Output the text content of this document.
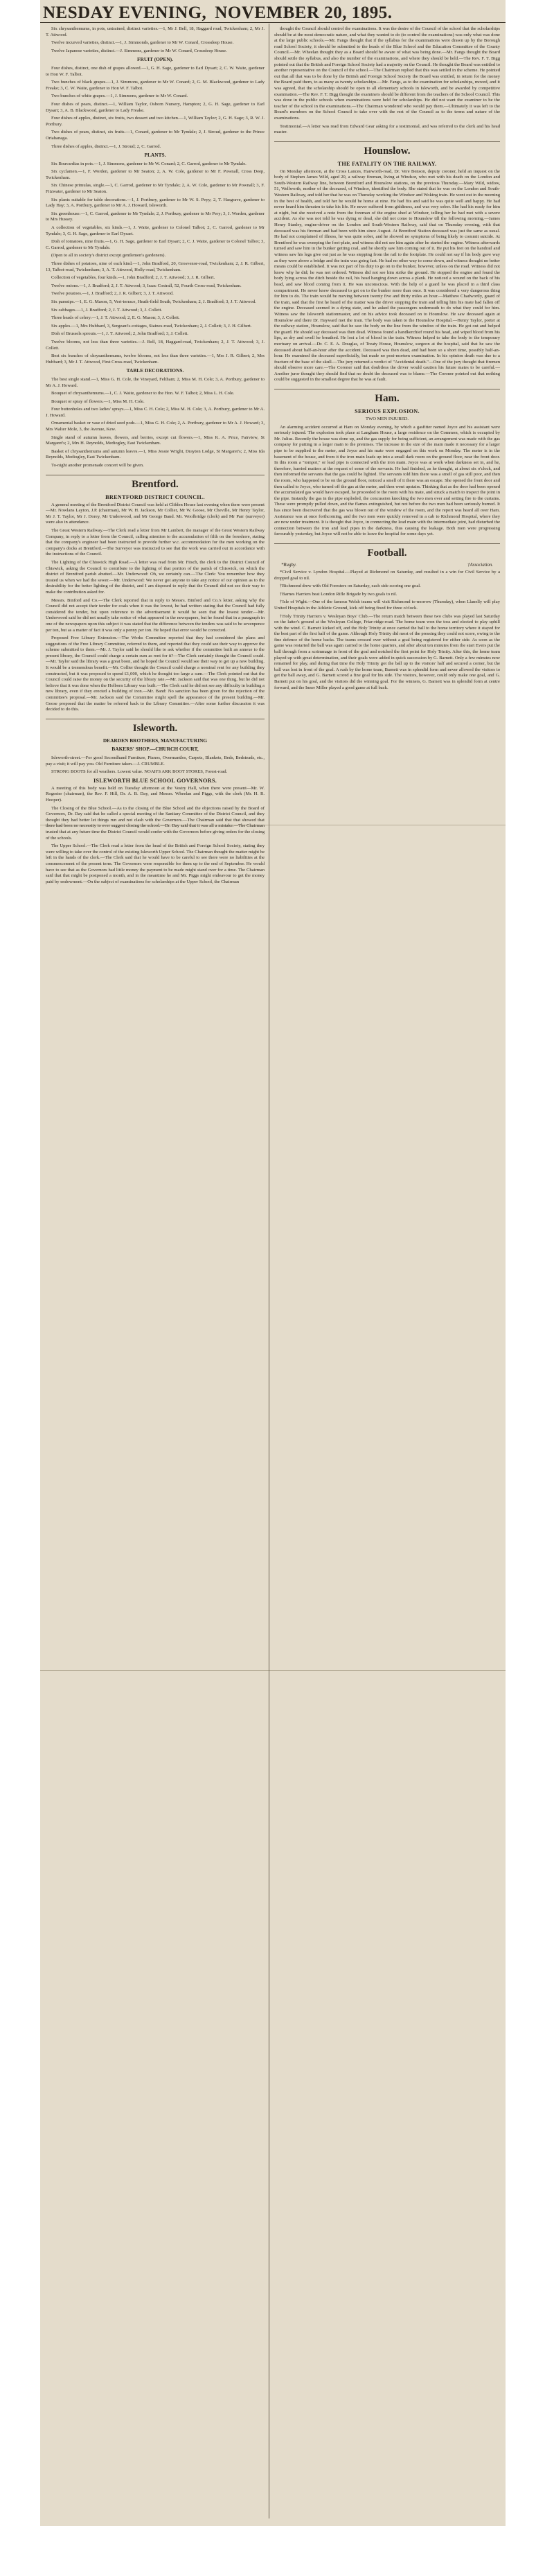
NESDAY EVENING, NOVEMBER 20, 1895.

Six chrysanthemums, in pots, untrained, distinct varieties.—1, Mr J. Bell, 18, Haggard road, Twickenham; 2, Mr J. T. Attwood.

Twelve incurved varieties, distinct.—1, J. Simmonds, gardener to Mr W. Conard, Crossdeep House.

Twelve Japanese varieties, distinct.—J. Simmons, gardener to Mr W. Conard, Crossdeep House.

FRUIT (OPEN).

Four dishes, distinct, one dish of grapes allowed.—1, G. H. Sage, gardener to Earl Dysart; 2, C. W. Waite, gardener to Hon W. F. Talbot.

Two bunches of black grapes.—1, J. Simmons, gardener to Mr W. Conard; 2, G. M. Blackwood, gardener to Lady Freake; 3, C. W. Waite, gardener to Hon W. F. Talbot.

Two bunches of white grapes.—1, J. Simmons, gardener to Mr W. Conard.

Four dishes of pears, distinct.—1, William Taylor, Osborn Nursery, Hampton; 2, G. H. Sage, gardener to Earl Dysart; 3, A. B. Blackwood, gardener to Lady Freake.

Four dishes of apples, distinct, six fruits, two dessert and two kitchen.—1, William Taylor; 2, G. H. Sage; 3, R. W. J. Porthury.

Two dishes of pears, distinct, six fruits.—1, Conard, gardener to Mr Tyndale; 2, J. Stroud, gardener to the Prince Oriahanaga.

Three dishes of apples, distinct.—1, J. Stroud; 2, C. Garrod.

PLANTS.

Six Bouvardias in pots.—1, J. Simmons, gardener to Mr W. Conard; 2, C. Garrod, gardener to Mr Tyndale.

Six cyclamen.—1, F. Worden, gardener to Mr Seaton; 2, A. W. Cole, gardener to Mr F. Pownall, Cross Deep, Twickenham.

Six Chinese primulas, single.—1, C. Garrod, gardener to Mr Tyndale; 2, A. W. Cole, gardener to Mr Pownall; 3, F. Fitzwater, gardener to Mr Seaton.

Six plants suitable for table decorations.—1, J. Portbury, gardener to Mr W. S. Peyy; 2, T. Hasgrave, gardener to Lady Hay; 3, A. Portbury, gardener to Mr A. J. Howard, Isleworth.

Six greenhouse.—1, C. Garrod, gardener to Mr Tyndale; 2, J. Portbury, gardener to Mr Pery; 3, J. Worden, gardener to Mrs Hussey.

A collection of vegetables, six kinds.—1, J. Waite, gardener to Colonel Talbot; 2, C. Garrod, gardener to Mr Tyndale; 3, G. H. Sage, gardener to Earl Dysart.

Dish of tomatoes, nine fruits.—1, G. H. Sage, gardener to Earl Dysart; 2, C. J. Waite, gardener to Colonel Talbot; 3, C. Garrod, gardener to Mr Tyndale.

(Open to all in society's district except gentlemen's gardeners).

Three dishes of potatoes, nine of each kind.—1, John Bradford, 20, Grosvenor-road, Twickenham; 2, J. R. Gilbert, 13, Talbot-road, Twickenham; 3, A. T. Attwood, Holly-road, Twickenham.

Collection of vegetables, four kinds.—1, John Bradford; 2, J. T. Attwood; 3, J. R. Gilbert.

Twelve onions.—1, J. Bradford; 2, J. T. Attwood; 3, Isaac Costrall, 52, Fourth Cross-road, Twickenham.

Twelve potatoes.—1, J. Bradford; 2, J. R. Gilbert; 3, J. T. Attwood.

Six parsnips.—1, E. G. Mason, 5, Vert-terrace, Heath-field South, Twickenham; 2, J. Bradford; 3, J. T. Attwood.

Six cabbages.—1, J. Bradford; 2, J. T. Attwood; 3, J. Collett.

Three heads of celery.—1, J. T. Attwood; 2, E. G. Mason; 3, J. Collett.

Six apples.—1, Mrs Hubbard, 3, Sergeant's-cottages, Staines-road, Twickenham; 2, J. Collett; 3, J. H. Gilbert.

Dish of Brussels sprouts.—1, J. T. Attwood; 2, John Bradford; 3, J. Collett.

Twelve blooms, not less than three varieties.—J. Bell, 18, Haggard-road, Twickenham; 2, J. T. Attwood; 3, J. Collett.

Best six bunches of chrysanthemums, twelve blooms, not less than three varieties.—1, Mrs J. R. Gilbert; 2, Mrs Hubbard; 3, Mr J. T. Attwood, First Cross-road, Twickenham.

TABLE DECORATIONS.

The best single stand.—1, Miss G. H. Cole, the Vineyard, Feltham; 2, Miss M. H. Cole; 3, A. Portbury, gardener to Mr A. J. Howard.

Bouquet of chrysanthemums.—1, C. J. Waite, gardener to the Hon. W. F. Talbot; 2, Miss L. H. Cole.

Bouquet or spray of flowers.—1, Miss M. H. Cole.

Four buttonholes and two ladies' sprays.—1, Miss C. H. Cole; 2, Miss M. H. Cole; 3, A. Portbury, gardener to Mr A. J. Howard.

Ornamental basket or vase of dried seed pods.—1, Miss G. H. Cole; 2, A. Portbury, gardener to Mr A. J. Howard; 3, Mrs Walter Mole, 3, the Avenue, Kew.

Single stand of autumn leaves, flowers, and berries, except cut flowers.—1, Miss K. A. Price, Fairview, St Margaret's; 2, Mrs H. Reynolds, Mediogley, East Twickenham.

Basket of chrysanthemums and autumn leaves.—1, Miss Jessie Wright, Drayton Lodge, St Margaret's; 2, Miss Ida Reynolds, Mediogley, East Twickenham.

To-night another promenade concert will be given.

Brentford.
BRENTFORD DISTRICT COUNCIL.

A general meeting of the Brentford District Council was held at Clifden House last evening when there were present—Mr. Nowlans Layton, J.P. (chairman), Mr W. H. Jackson, Mr Collier, Mr W. Goose, Mr Cheville, Mr Henry Taylor, Mr J. T. Taylor, Mr J. Dorey, Mr Underwood, and Mr George Band. Mr. Woolbridge (clerk) and Mr Parr (surveyor) were also in attendance.

The Great Western Railway.—The Clerk read a letter from Mr Lambert, the manager of the Great Western Railway Company, in reply to a letter from the Council, calling attention to the accumulation of filth on the foreshore, stating that the company's engineer had been instructed to provide further w.c. accommodation for the men working on the company's docks at Brentford.—The Surveyor was instructed to see that the work was carried out in accordance with the instructions of the Council.

The Lighting of the Chiswick High Road.—A letter was read from Mr. Fitsch, the clerk to the District Council of Chiswick, asking the Council to contribute to the lighting of that portion of the parish of Chiswick, on which the district of Brentford parish abutted.—Mr. Underwood: Oh, we certainly can.—The Clerk: You remember how they treated us when we had the sewer.—Mr. Underwood: We never got anyone to take any notice of our opinion as to the desirability for the better lighting of the district, and I am disposed to reply that the Council did not see their way to make the contribution asked for.

Messrs. Binford and Co.—The Clerk reported that in reply to Messrs. Binford and Co.'s letter, asking why the Council did not accept their tender for coals when it was the lowest, he had written stating that the Council had fully considered the tender, but upon reference to the advertisement it would be seen that the lowest tender.—Mr. Underwood said he did not usually take notice of what appeared in the newspapers, but he found that in a paragraph in one of the newspapers upon this subject it was stated that the difference between the tenders was said to be sevenpence per ton, but as a matter of fact it was only a penny per ton. He hoped that error would be corrected.

Proposed Free Library Extension.—The Works Committee reported that they had considered the plans and suggestions of the Free Library Committee, referred to them, and reported that they could see their way to approve the scheme submitted to them.—Mr. J. Taylor said he should like to ask whether if the committee built an annexe to the present library, the Council could charge a certain sum as rent for it?—The Clerk certainly thought the Council could.—Mr. Taylor said the library was a great boon, and he hoped the Council would see their way to get up a new building. It would be a tremendous benefit.—Mr. Collier thought the Council could charge a nominal rent for any building they constructed, but it was proposed to spend £1,000, which he thought too large a sum.—The Clerk pointed out that the Council could raise the money on the security of the library rate.—Mr. Jackson said that was one thing, but he did not believe that it was done when the Holborn Library was built.—The Clerk said he did not see any difficulty in building a new library, even if they erected a building of iron.—Mr. Band: No sanction has been given for the rejection of the committee's proposal.—Mr. Jackson said the Committee might spell the appearance of the present building.—Mr. Goose proposed that the matter be referred back to the Library Committee.—After some further discussion it was decided to do this.

Isleworth.

DEARDEN BROTHERS, MANUFACTURING

BAKERS' SHOP.—CHURCH COURT,

Isleworth-street.—For good Secondhand Furniture, Pianos, Overmantles, Carpets, Blankets, Beds, Bedsteads, etc., pay a visit; it will pay you. Old Furniture taken.—J. CRUMBLE.

STRONG BOOTS for all weathers. Lowest value. NOAH'S ARK BOOT STORES, Forest-road.

ISLEWORTH BLUE SCHOOL GOVERNORS.

A meeting of this body was held on Tuesday afternoon at the Vestry Hall, when there were present—Mr. W. Rogester (chairman), the Rev. F. Hill, Dr. A. B. Day, and Messrs. Wheelan and Piggs, with the clerk (Mr. H. R. Hooper).

The Closing of the Blue School.—As to the closing of the Blue School and the objections raised by the Board of Governors, Dr. Day said that he called a special meeting of the Sanitary Committee of the District Council, and they thought they had better let things run and not clash with the Governors.—The Chairman said that that showed that there had been no necessity to ever suggest closing the school.—Dr. Day said that it was all a mistake.—The Chairman trusted that at any future time the District Council would confer with the Governors before giving orders for the closing of the schools.

The Upper School.—The Clerk read a letter from the head of the British and Foreign School Society, stating they were willing to take over the control of the existing Isleworth Upper School. The Chairman thought the matter might be left in the hands of the clerk.—The Clerk said that he would have to be careful to see there were no liabilities at the commencement of the present term. The Governors were responsible for them up to the end of September. He would have to see that as the Governors had little money the payment to be made might stand over for a time. The Chairman said that that might be postponed a month, and in the meantime he and Mr. Piggs might endeavour to get the money paid by endowment.—On the subject of examinations for scholarships at the Upper School, the Chairman

thought the Council should control the examinations. It was the desire of the Council of the school that the scholarships should be at the most democratic nature, and what they wanted to do (to control the examinations) was only what was done at the large public schools.—Mr. Fangs thought that if the syllabus for the examinations were drawn up by the Borough road School Society, it should be submitted to the heads of the Blue School and the Education Committee of the County Council.—Mr. Wheelan thought they as a Board should be aware of what was being done.—Mr. Fangs thought the Board should settle the syllabus, and also the number of the examinations, and where they should be held.—The Rev. F. T. Bigg pointed out that the British and Foreign School Society had a majority on the Council. He thought the Board was entitled to another representative on the Council of the school.—The Chairman replied that this was settled in the scheme. He pointed out that all that was to be done by the British and Foreign School Society the Board was entitled, in return for the money the Board paid them, to as many as twenty scholarships.—Mr. Fangs, as to the examination for scholarships, moved, and it was agreed, that the scholarship should be open to all elementary schools in Isleworth, and be awarded by competitive examination.—The Rev. F. T. Bigg thought the examiners should be different from the teachers of the School Council. This was done in the public schools when examinations were held for scholarships. He did not want the examiner to be the teacher of the school in the examinations.—The Chairman wondered who would pay them.—Ultimately it was left to the Board's members on the School Council to take over with the rest of the Council as to the terms and nature of the examinations.

Testimonial.—A letter was read from Edward Gear asking for a testimonial, and was referred to the clerk and his head master.

Hounslow.
THE FATALITY ON THE RAILWAY.

On Monday afternoon, at the Cross Lances, Hanworth-road, Dr. Vere Benson, deputy coroner, held an inquest on the body of Stephen James Wild, aged 20, a railway fireman, living at Windsor, who met with his death on the London and South-Western Railway line, between Brentford and Hounslow stations, on the previous Thursday.—Mary Wild, widow, 51, Wellworth, mother of the deceased, of Windsor, identified the body. She stated that he was on the London and South-Western Railway, and told her that he was on Thursday working the Windsor and Woking train. He went out in the morning in the best of health, and told her he would be home at nine. He had fits and said he was quite well and happy. He had never heard him threaten to take his life. He never suffered from giddiness, and was very sober. She had his ready for him at night, but she received a note from the foreman of the engine shed at Windsor, telling her he had met with a severe accident. As she was not told he was dying or dead, she did not come to Hounslow till the following morning.—James Henry Stanley, engine-driver on the London and South-Western Railway, said that on Thursday evening, with that deceased was his fireman and had been with him since August. At Brentford Station deceased was just the same as usual. He had not complained of illness, he was quite sober, and he showed no symptoms of being likely to commit suicide. At Brentford he was sweeping the foot-plate, and witness did not see him again after he started the engine. Witness afterwards turned and saw him in the bunker getting coal, and he shortly saw him coming out of it. He put his feet on the handrail and witness saw his legs give out just as he was stepping from the rail to the footplate. He could not say if his body gave way as they were above a bridge and the train was going fast. He had no other way to come down, and witness thought no better means could be established. It was not part of his duty to go on to the bunker, however, unless on the road. Witness did not know why he did; he was not ordered. Witness did not see him strike the ground. He stopped the engine and found the body lying across the ditch beside the rail, his head hanging down across a plank. He noticed a wound on the back of his head, and saw blood coming from it. He was unconscious. With the help of a guard he was placed in a third class compartment. He never knew deceased to get on to the bunker more than once. It was considered a very dangerous thing for him to do. The train would be moving between twenty five and thirty miles an hour.—Matthew Chadwortly, guard of the train, said that the first he heard of the matter was the driver stopping the train and telling him his mate had fallen off the engine. Deceased seemed in a dying state, and he asked the passengers underneath to do what they could for him. Witness saw the Isleworth stationmaster, and on his advice took deceased on to Hounslow. He saw deceased again at Hounslow and there Dr. Hayward met the train. The body was taken to the Hounslow Hospital.—Henry Taylor, porter at the railway station, Hounslow, said that he saw the body on the line from the window of the train. He got out and helped the guard. He should say deceased was then dead. Witness found a handkerchief round his head, and wiped blood from his lips, as dry and swell he breathed. He lost a lot of blood in the train. Witness helped to take the body to the temporary mortuary on arrival.—Dr. C. E. A. Douglas, of Treaty House, Hounslow, surgeon at the hospital, said that he saw the deceased about half-an-hour after the accident. Deceased was then dead, and had been so a short time, possibly half-an-hour. He examined the deceased superficially, but made no post-mortem examination. In his opinion death was due to a fracture of the base of the skull.—The jury returned a verdict of "Accidental death."—One of the jury thought that firemen should observe more care.—The Coroner said that doubtless the driver would caution his future mates to be careful.—Another juror thought they should find that no doubt the deceased was to blame.—The Coroner pointed out that nothing could be suggested in the smallest degree that he was at fault.

Ham.
SERIOUS EXPLOSION.

TWO MEN INJURED.

An alarming accident occurred at Ham on Monday evening, by which a gasfitter named Joyce and his assistant were seriously injured. The explosion took place at Langham House, a large residence on the Common, which is occupied by Mr. Julius. Recently the house was done up, and the gas supply for being sufficient, an arrangement was made with the gas company for putting in a larger main to the premises. The increase in the size of the main made it necessary for a larger pipe to be supplied to the meter, and Joyce and his mate were engaged on this work on Monday. The meter is in the basement of the house, and from it the iron main leads up into a small dark room on the ground floor, near the front door. In this room a "tompot," or lead pipe is connected with the iron main. Joyce was at work when darkness set in, and he, therefore, hurried matters at the request of some of the servants. He had finished, as he thought, at about six o'clock, and then informed the servants that the gas could be lighted. The servants told him there was a smell of gas still poor, and then the room, who happened to be on the ground floor, noticed a smell of it there was an escape. She opened the front door and then called to Joyce, who turned off the gas at the meter, and then went upstairs. Thinking that as the door had been opened the accumulated gas would have escaped, he proceeded to the room with his mate, and struck a match to inspect the joint in the pipe. Instantly the gas in the pipe exploded, the concussion knocking the two men over and setting fire to the curtains. These were promptly pulled down, and the flames extinguished, but not before the two men had been seriously burned. It has since been discovered that the gas was blown out of the window of the room, and the report was heard all over Ham. Assistance was at once forthcoming, and the two men were quickly removed in a cab to Richmond Hospital, where they are now under treatment. It is thought that Joyce, in connecting the lead main with the intermediate joint, had disturbed the connection between the iron and lead pipes in the darkness, thus causing the leakage. Both men were progressing favourably yesterday, but Joyce will not be able to leave the hospital for some days yet.

Football.
*Rugby.	†Association.

*Civil Service v. Lyndon Hospital.—Played at Richmond on Saturday, and resulted in a win for Civil Service by a dropped goal to nil.

†Richmond drew with Old Foresters on Saturday, each side scoring one goal.

†Barnes Harriers beat London Rifle Brigade by two goals to nil.

†Isle of Wight.—One of the famous Welsh teams will visit Richmond to-morrow (Thursday), when Llanelly will play United Hospitals in the Athletic Ground, kick off being fixed for three o'clock.

†Holy Trinity Harriers v. Wesleyan Boys' Club.—The return match between these two clubs was played last Saturday on the latter's ground at the Wesleyan College, Friar-ridge-road. The home team won the toss and elected to play uphill with the wind. C. Barnett kicked off, and the Holy Trinity at once carried the ball to the home territory where it stayed for the best part of the first half of the game. Although Holy Trinity did most of the pressing they could not score, owing to the fine defence of the home backs. The teams crossed over without a goal being registered for either side. As soon as the game was restarted the ball was again carried to the home quarters, and after about ten minutes from the start Evers put the ball through from a scrimmage in front of the goal and notched the first point for Holy Trinity. After this, the home team played up with great determination, and their goals were added in quick succession by G. Barnett. Only a few minutes now remained for play, and during that time the Holy Trinity got the ball up to the visitors' half and secured a corner, but the ball was lost in front of the goal. A rush by the home team, Barnett was in splendid form and never allowed the visitors to get the ball away, and G. Barnett scored a fine goal for his side. The visitors, however, could only make one goal, and G. Barnett put on his goal, and the visitors did the winning goal. For the winners, G. Barnett was in splendid form at centre forward, and the Inner Miller played a good game at full back.
